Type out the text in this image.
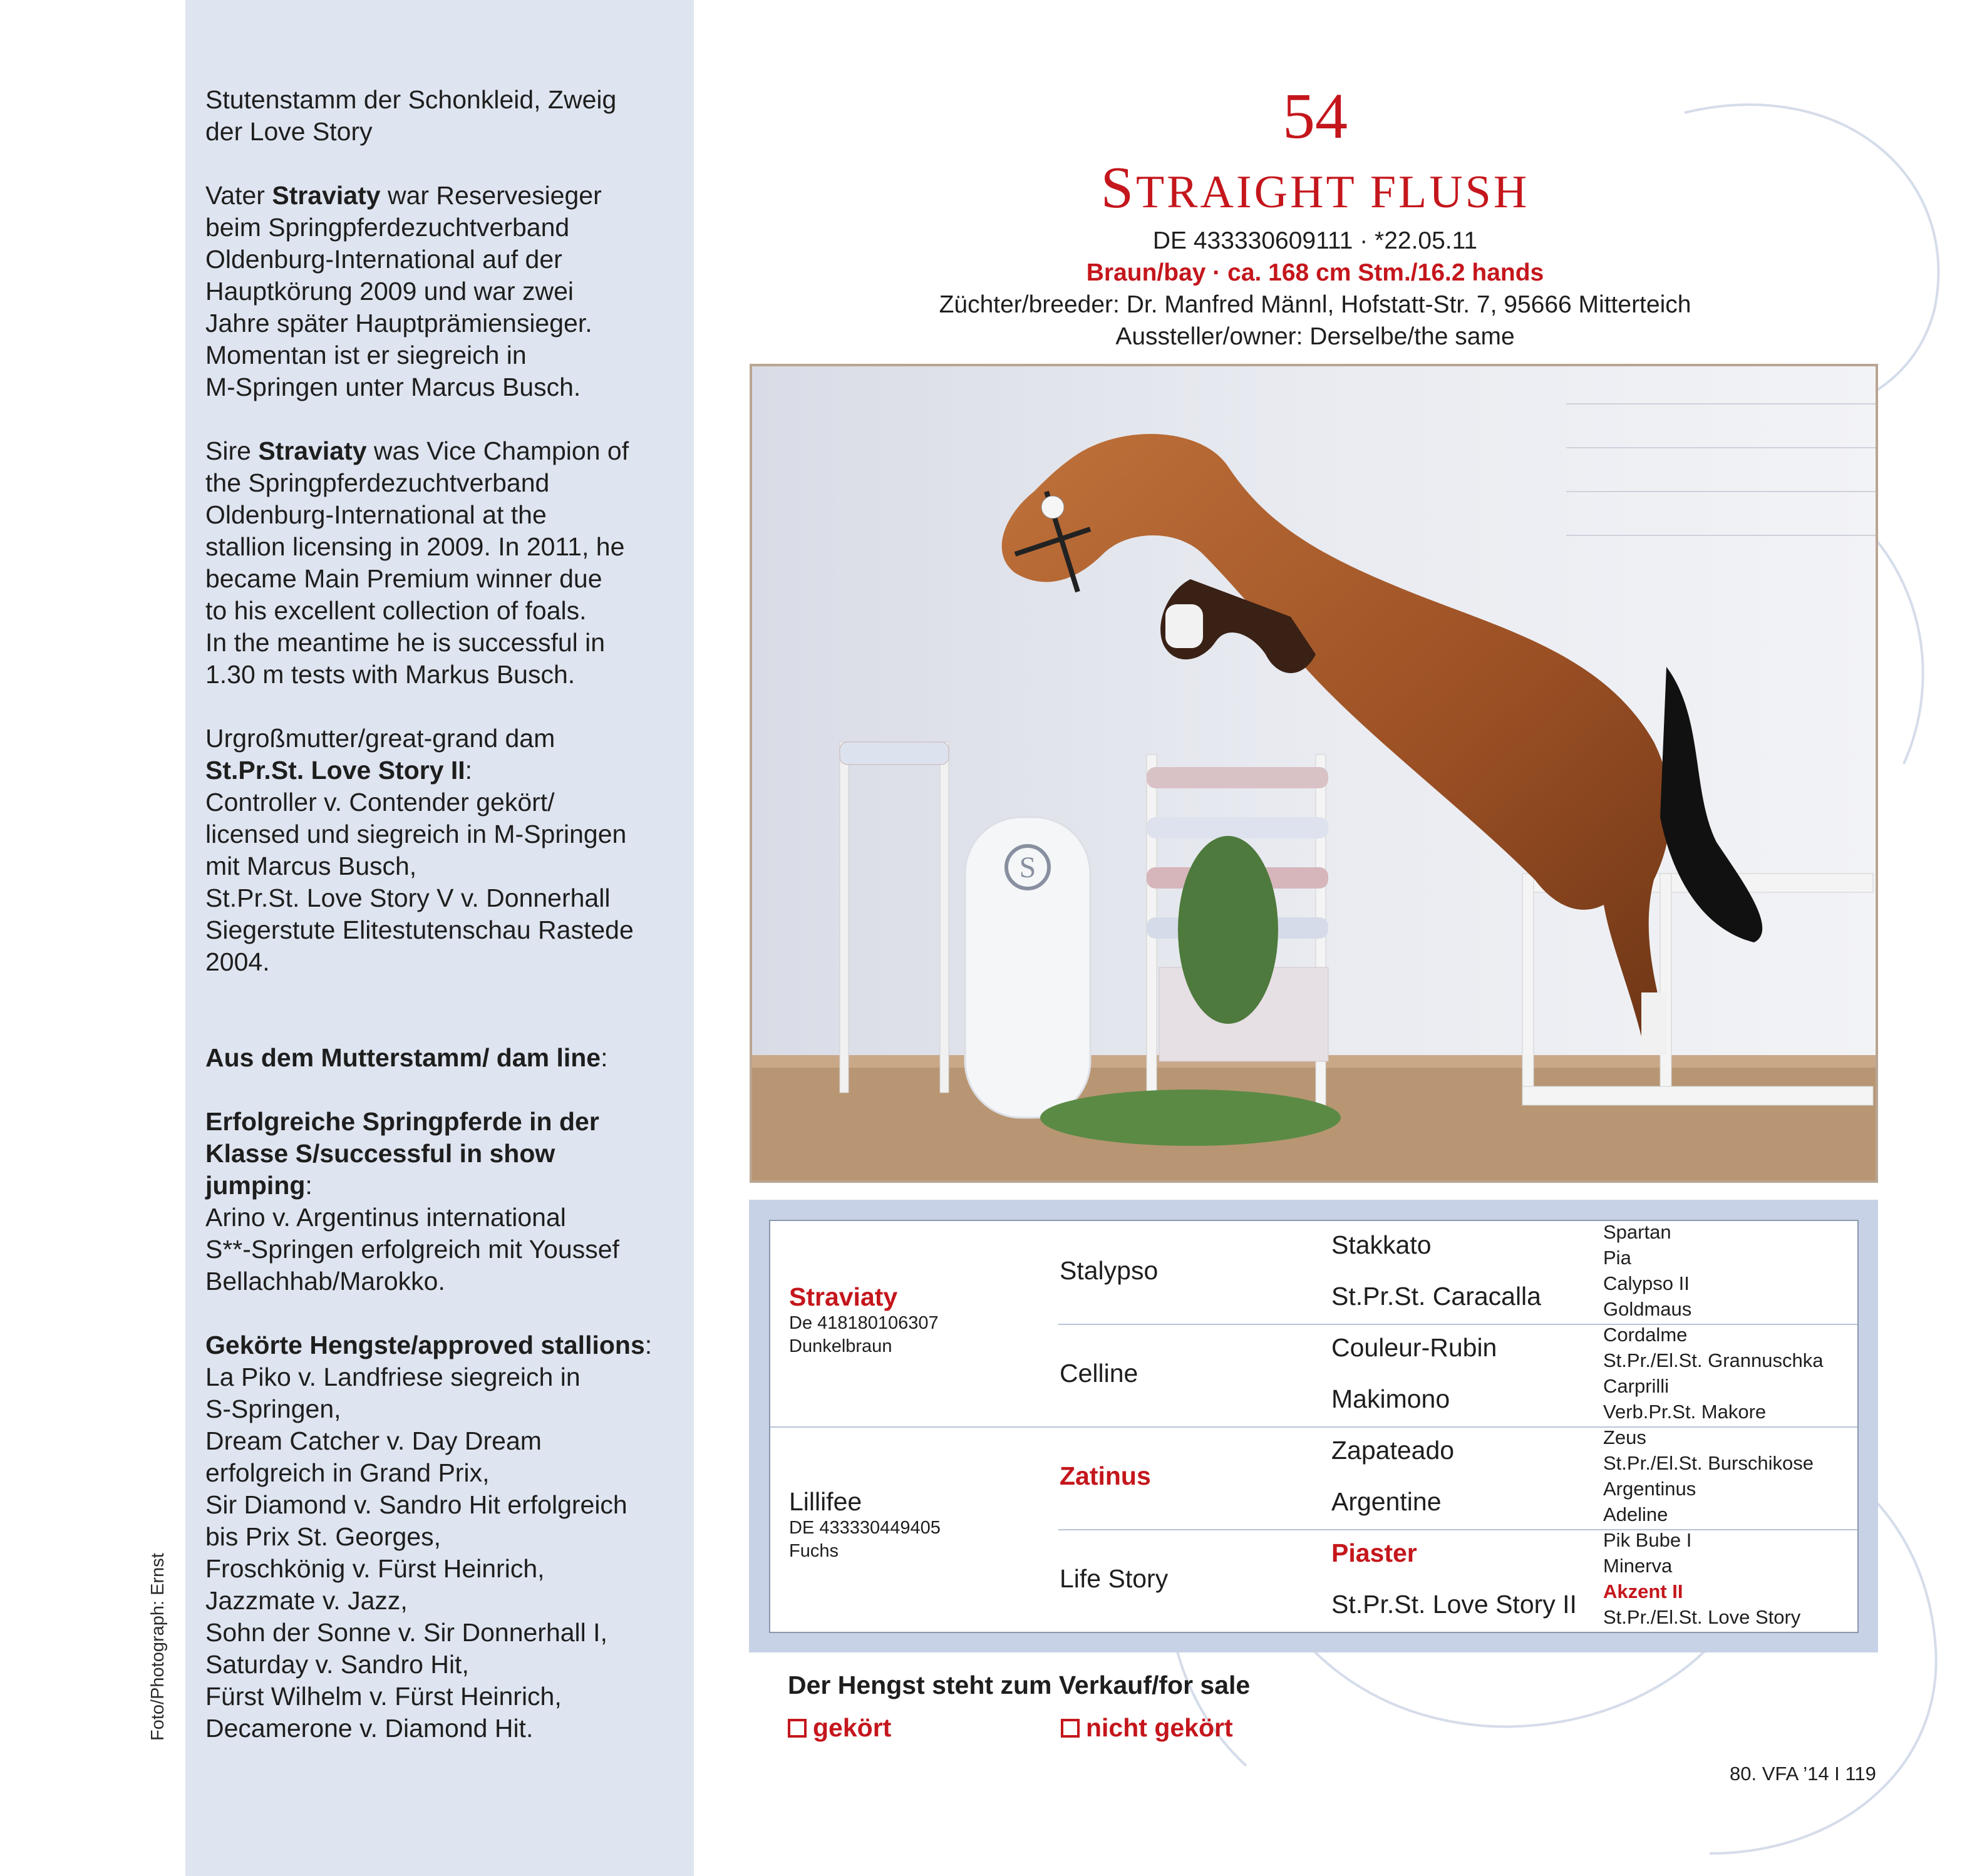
Stutenstamm der Schonkleid, Zweig

der Love Story

Vater Straviaty war Reservesieger

beim Springpferdezuchtverband

Oldenburg-International auf der

Hauptkörung 2009 und war zwei

Jahre später Hauptprämiensieger.

Momentan ist er siegreich in

M-Springen unter Marcus Busch.

Sire Straviaty was Vice Champion of

the Springpferdezuchtverband

Oldenburg-International at the

stallion licensing in 2009. In 2011, he

became Main Premium winner due

to his excellent collection of foals.

In the meantime he is successful in

1.30 m tests with Markus Busch.

Urgroßmutter/great-grand dam

St.Pr.St. Love Story II:

Controller v. Contender gekört/

licensed und siegreich in M-Springen

mit Marcus Busch,

St.Pr.St. Love Story V v. Donnerhall

Siegerstute Elitestutenschau Rastede

2004.

Aus dem Mutterstamm/ dam line:

Erfolgreiche Springpferde in der

Klasse S/successful in show

jumping:

Arino v. Argentinus international

S**-Springen erfolgreich mit Youssef

Bellachhab/Marokko.

Gekörte Hengste/approved stallions:

La Piko v. Landfriese siegreich in

S-Springen,

Dream Catcher v. Day Dream

erfolgreich in Grand Prix,

Sir Diamond v. Sandro Hit erfolgreich

bis Prix St. Georges,

Froschkönig v. Fürst Heinrich,

Jazzmate v. Jazz,

Sohn der Sonne v. Sir Donnerhall I,

Saturday v. Sandro Hit,

Fürst Wilhelm v. Fürst Heinrich,

Decamerone v. Diamond Hit.

Foto/Photograph: Ernst
54
STRAIGHT FLUSH
DE 433330609111 · *22.05.11
Braun/bay · ca. 168 cm Stm./16.2 hands
Züchter/breeder: Dr. Manfred Männl, Hofstatt-Str. 7, 95666 Mitterteich
Aussteller/owner: Derselbe/the same
S
Straviaty
De 418180106307
Dunkelbraun
Lillifee
DE 433330449405
Fuchs
Stalypso
Celline
Zatinus
Life Story
Stakkato
St.Pr.St. Caracalla
Couleur-Rubin
Makimono
Zapateado
Argentine
Piaster
St.Pr.St. Love Story II
Spartan
Pia
Calypso II
Goldmaus
Cordalme
St.Pr./El.St. Grannuschka
Carprilli
Verb.Pr.St. Makore
Zeus
St.Pr./El.St. Burschikose
Argentinus
Adeline
Pik Bube I
Minerva
Akzent II
St.Pr./El.St. Love Story
Der Hengst steht zum Verkauf/for sale
gekört	nicht gekört
80. VFA ’14 I 119
